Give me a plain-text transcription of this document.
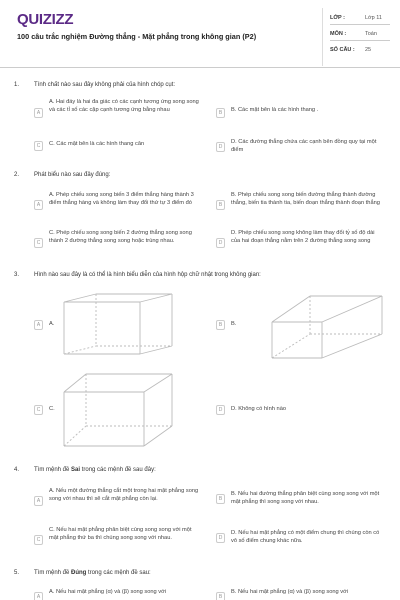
QUIZIZZ
100 câu trắc nghiệm Đường thẳng - Mặt phẳng trong không gian (P2)
LỚP :	Lớp 11
MÔN :	Toán
SỐ CÂU : 25
1. Tính chất nào sau đây không phải của hình chóp cụt:
A
A. Hai đáy là hai đa giác có các cạnh tương ứng song song và các tỉ số các cặp cạnh tương ứng bằng nhau	B	B. Các mặt bên là các hình thang .
C	C. Các mặt bên là các hình thang cân	D
D. Các đường thẳng chứa các cạnh bên đồng quy tại một điểm
2. Phát biểu nào sau đây đúng:
A
A. Phép chiếu song song biến 3 điểm thẳng hàng thành 3 điểm thẳng hàng và không làm thay đổi thứ tự 3 điểm đó	B
B. Phép chiếu song song biến đường thẳng thành đường thẳng, biến tia thành tia, biến đoạn thẳng thành đoạn thẳng
C
C. Phép chiếu song song biến 2 đường thẳng song song thành 2 đường thẳng song song hoặc trùng nhau.	D
D. Phép chiếu song song không làm thay đổi tỷ số độ dài của hai đoạn thẳng nằm trên 2 đường thẳng song song
3. Hình nào sau đây là có thể là hình biểu diễn của hình hộp chữ nhật trong không gian:
A	A.	B	B.
C	C.	D	D. Không có hình nào
4. Tìm mệnh đề Sai trong các mệnh đề sau đây:
A
A. Nếu một đường thẳng cắt một trong hai mặt phẳng song song với nhau thì sẽ cắt mặt phẳng còn lại.	B
B. Nếu hai đường thẳng phân biệt cùng song song với một mặt phẳng thì song song với nhau.
C
C. Nếu hai mặt phẳng phân biệt cùng song song với một mặt phẳng thứ ba thì chúng song song với nhau.	D
D. Nếu hai mặt phẳng có một điểm chung thì chúng còn có vô số điểm chung khác nữa.
5. Tìm mệnh đề Đúng trong các mệnh đề sau:
A
A. Nếu hai mặt phẳng (α) và (β) song song với
B
B. Nếu hai mặt phẳng (α) và (β) song song với
